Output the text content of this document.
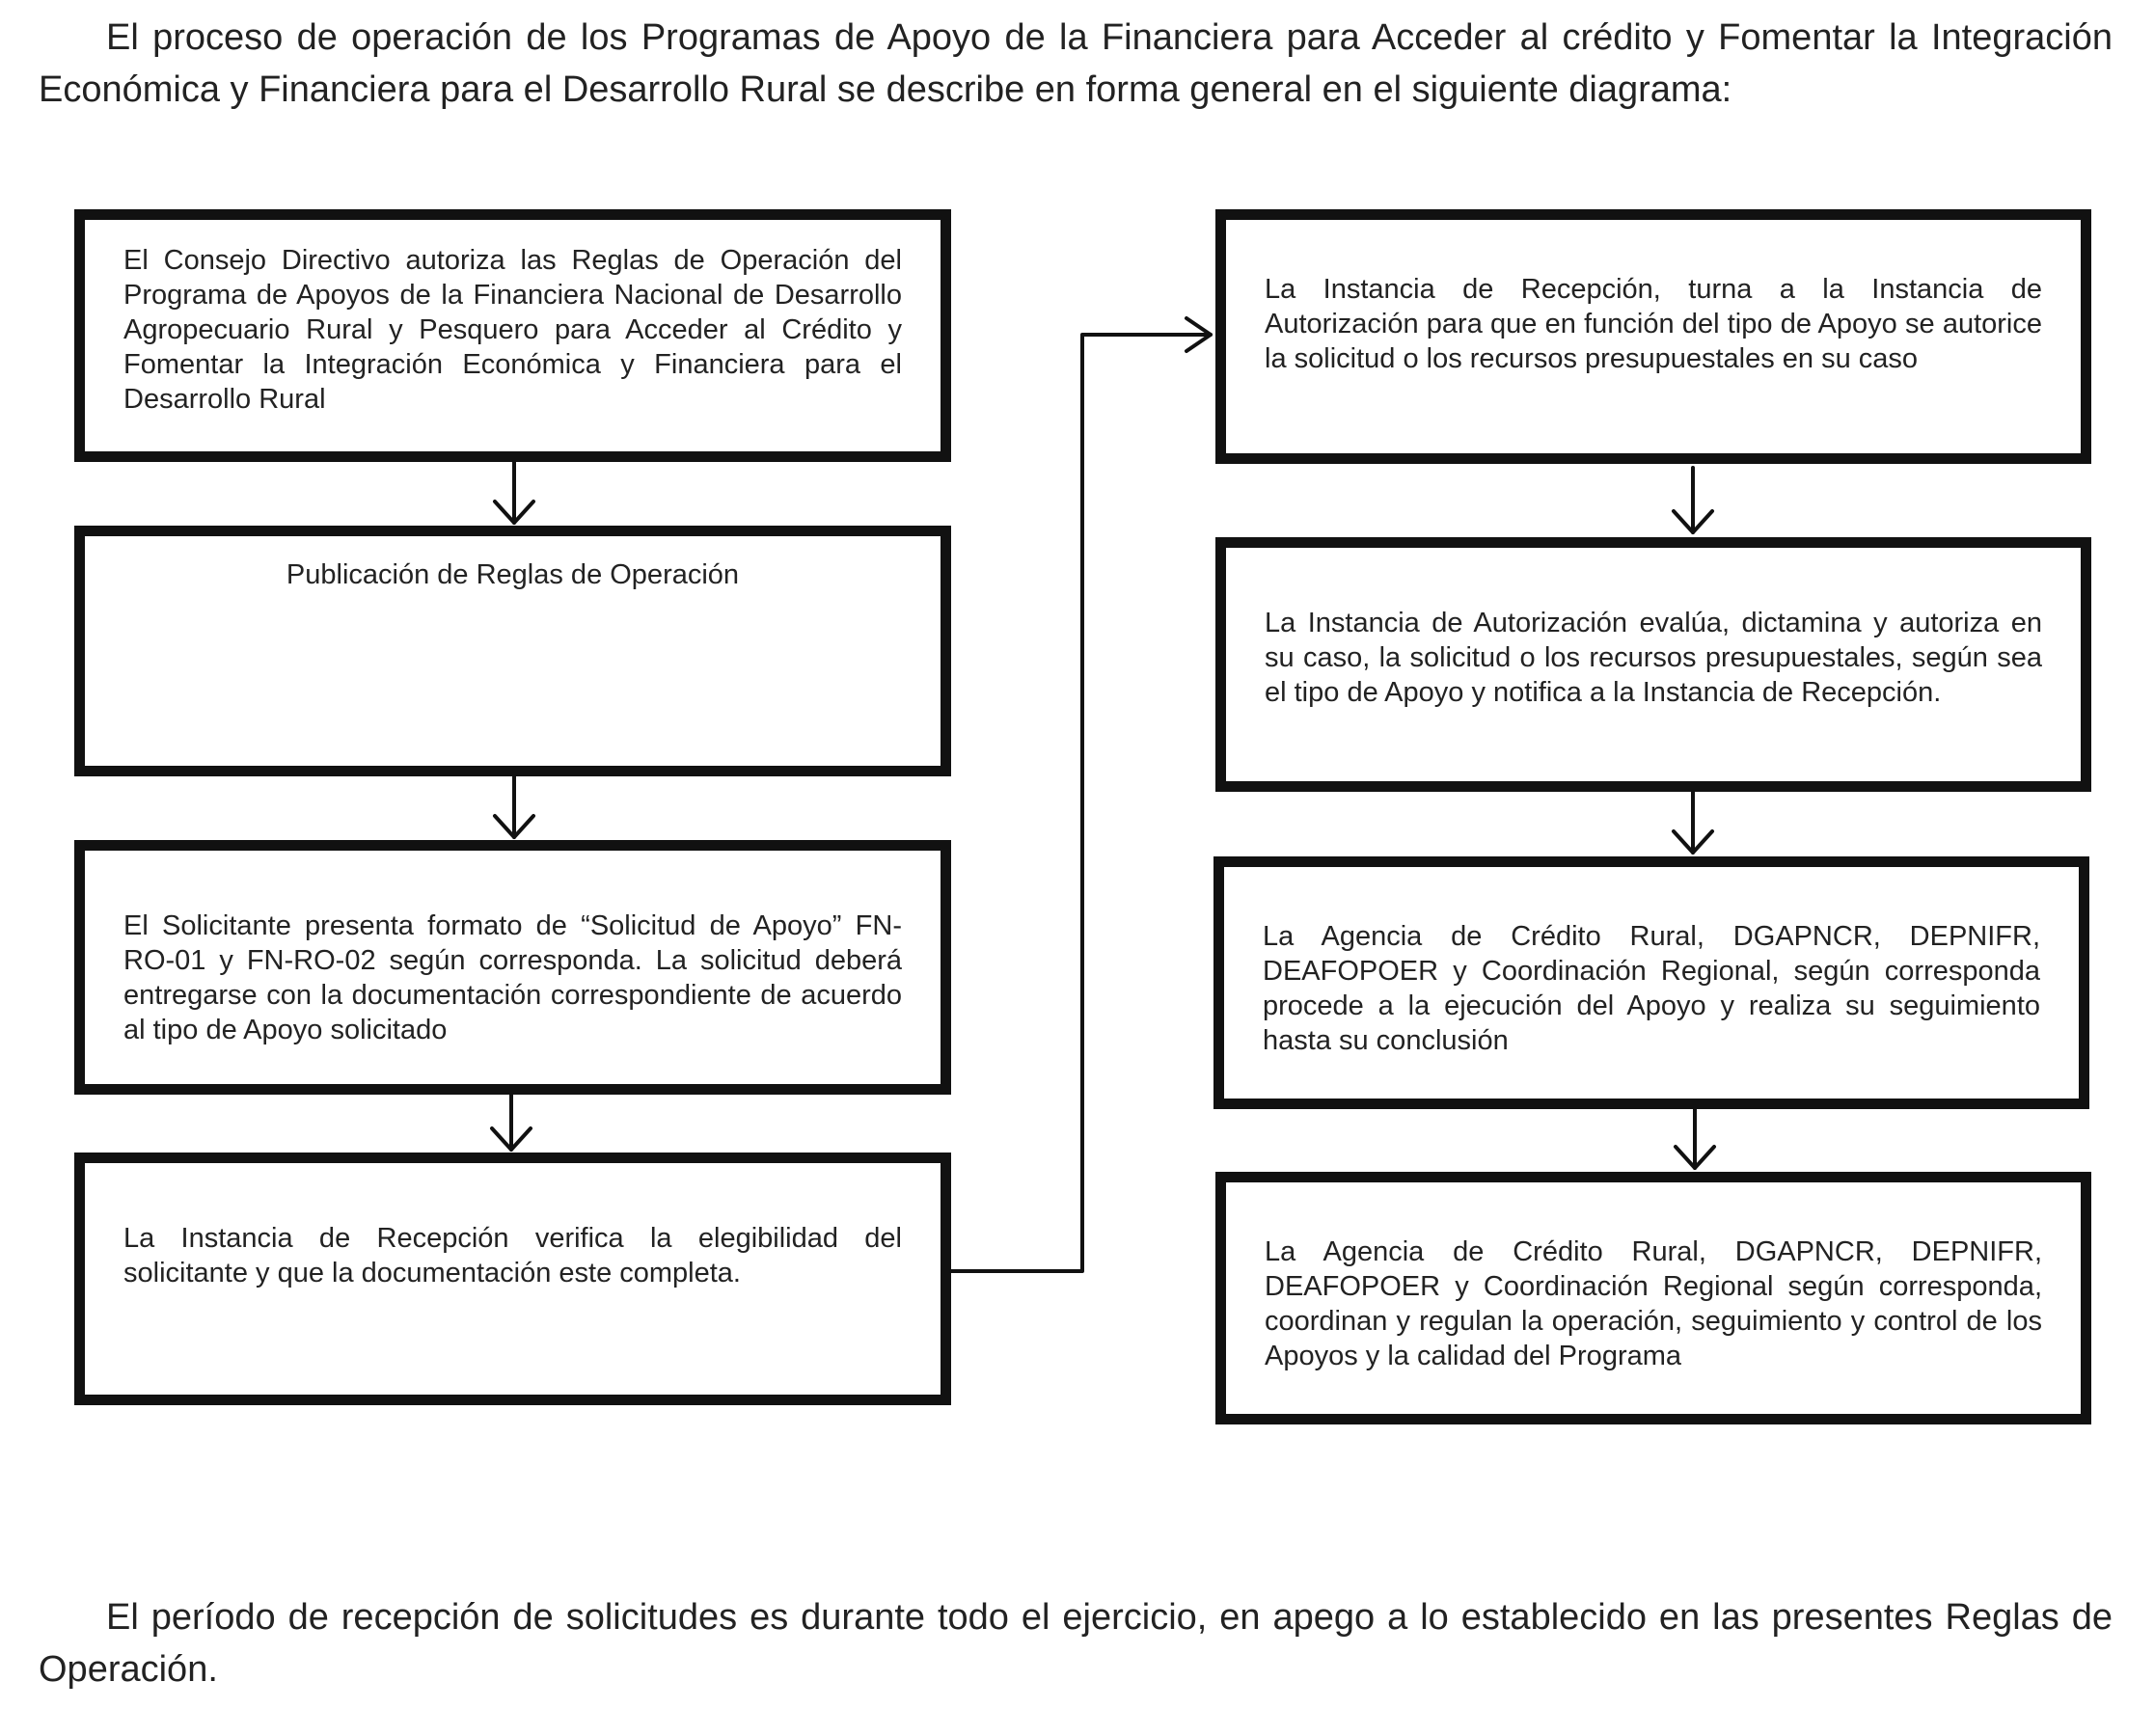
El proceso de operación de los Programas de Apoyo de la Financiera para Acceder al crédito y Fomentar la Integración Económica y Financiera para el Desarrollo Rural se describe en forma general en el siguiente diagrama:

El Consejo Directivo autoriza las Reglas de Operación del Programa de Apoyos de la Financiera Nacional de Desarrollo Agropecuario Rural y Pesquero para Acceder al Crédito y Fomentar la Integración Económica y Financiera para el Desarrollo Rural
Publicación de Reglas de Operación
El Solicitante presenta formato de “Solicitud de Apoyo” FN-RO-01 y FN-RO-02 según corresponda. La solicitud deberá entregarse con la documentación correspondiente de acuerdo al tipo de Apoyo solicitado
La Instancia de Recepción verifica la elegibilidad del solicitante y que la documentación este completa.
La Instancia de Recepción, turna a la Instancia de Autorización para que en función del tipo de Apoyo se autorice la solicitud o los recursos presupuestales en su caso
La Instancia de Autorización evalúa, dictamina y autoriza en su caso, la solicitud o los recursos presupuestales, según sea el tipo de Apoyo y notifica a la Instancia de Recepción.
La Agencia de Crédito Rural, DGAPNCR, DEPNIFR, DEAFOPOER y Coordinación Regional, según corresponda procede a la ejecución del Apoyo y realiza su seguimiento hasta su conclusión
La Agencia de Crédito Rural, DGAPNCR, DEPNIFR, DEAFOPOER y Coordinación Regional según corresponda, coordinan y regulan la operación, seguimiento y control de los Apoyos y la calidad del Programa

El período de recepción de solicitudes es durante todo el ejercicio, en apego a lo establecido en las presentes Reglas de Operación.
